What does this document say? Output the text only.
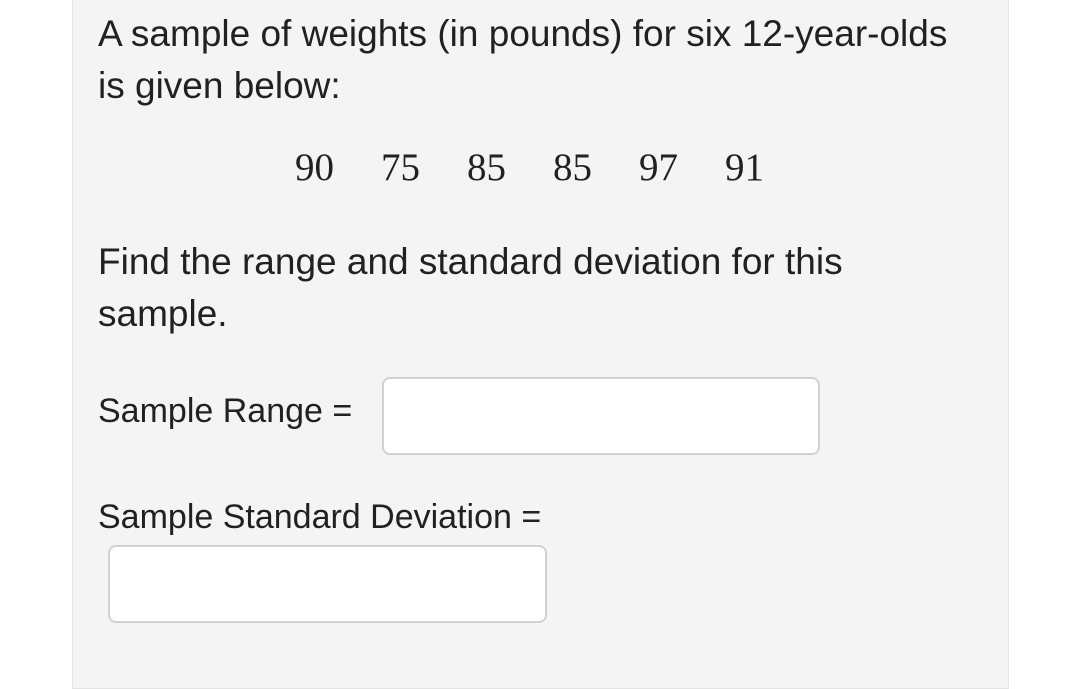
A sample of weights (in pounds) for six 12-year-olds is given below:

90 75 85 85 97 91

Find the range and standard deviation for this sample.

Sample Range =
Sample Standard Deviation =
